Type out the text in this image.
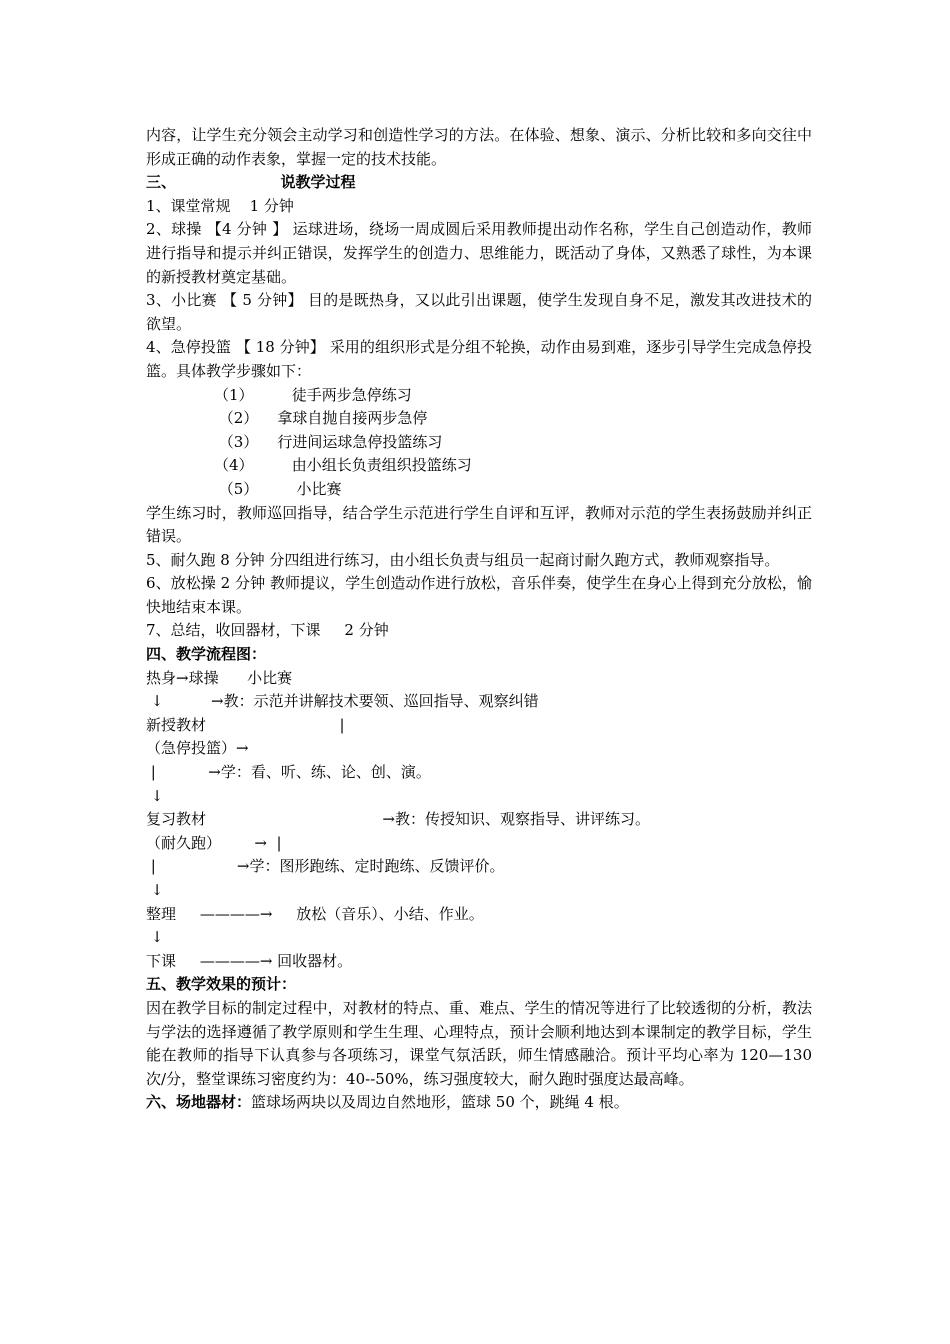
内容，让学生充分领会主动学习和创造性学习的方法。在体验、想象、演示、分析比较和多向交往中形成正确的动作表象，掌握一定的技术技能。
三、                    说教学过程
1、课堂常规    1 分钟
2、球操 【4 分钟 】 运球进场，绕场一周成圆后采用教师提出动作名称，学生自己创造动作，教师进行指导和提示并纠正错误，发挥学生的创造力、思维能力，既活动了身体，又熟悉了球性，为本课的新授教材奠定基础。
3、小比赛 【 5 分钟】 目的是既热身，又以此引出课题，使学生发现自身不足，激发其改进技术的欲望。
4、急停投篮 【 18 分钟】 采用的组织形式是分组不轮换，动作由易到难，逐步引导学生完成急停投篮。具体教学步骤如下：
（1）        徒手两步急停练习
（2）    拿球自抛自接两步急停
（3）    行进间运球急停投篮练习
（4）        由小组长负责组织投篮练习
（5）        小比赛
学生练习时，教师巡回指导，结合学生示范进行学生自评和互评，教师对示范的学生表扬鼓励并纠正错误。
5、耐久跑 8 分钟 分四组进行练习，由小组长负责与组员一起商讨耐久跑方式，教师观察指导。
6、放松操 2 分钟 教师提议，学生创造动作进行放松，音乐伴奏，使学生在身心上得到充分放松，愉快地结束本课。
7、总结，收回器材，下课     2 分钟
四、教学流程图：
热身→球操      小比赛
↓          →教：示范并讲解技术要领、巡回指导、观察纠错
新授教材                            |
（急停投篮）→
|           →学：看、听、练、论、创、演。
↓
复习教材                                     →教：传授知识、观察指导、讲评练习。
（耐久跑）       →  |
|                 →学：图形跑练、定时跑练、反馈评价。
↓
整理     ————→     放松（音乐）、小结、作业。
↓
下课     ————→ 回收器材。
五、教学效果的预计：
因在教学目标的制定过程中，对教材的特点、重、难点、学生的情况等进行了比较透彻的分析，教法与学法的选择遵循了教学原则和学生生理、心理特点，预计会顺利地达到本课制定的教学目标，学生能在教师的指导下认真参与各项练习，课堂气氛活跃，师生情感融洽。预计平均心率为 120—130 次/分，整堂课练习密度约为：40--50%，练习强度较大，耐久跑时强度达最高峰。
六、场地器材：篮球场两块以及周边自然地形，篮球 50 个，跳绳 4 根。
